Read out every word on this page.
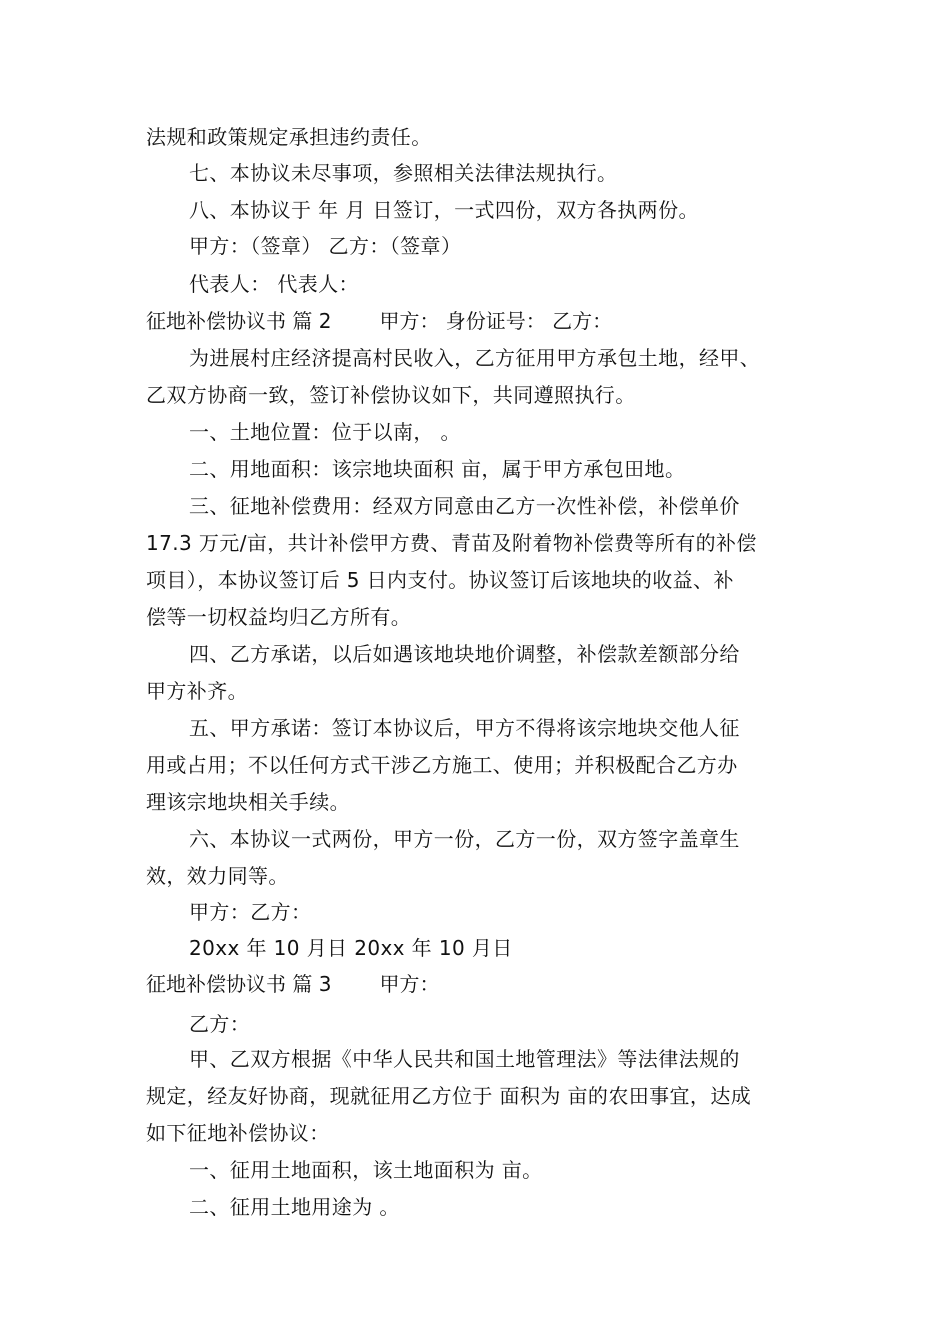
法规和政策规定承担违约责任。
七、本协议未尽事项，参照相关法律法规执行。
八、本协议于 年 月 日签订，一式四份，双方各执两份。
甲方：（签章） 乙方：（签章）
代表人： 代表人：
征地补偿协议书 篇 2 甲方： 身份证号： 乙方：
为进展村庄经济提高村民收入，乙方征用甲方承包土地，经甲、
乙双方协商一致，签订补偿协议如下，共同遵照执行。
一、土地位置：位于以南， 。
二、用地面积：该宗地块面积 亩，属于甲方承包田地。
三、征地补偿费用：经双方同意由乙方一次性补偿，补偿单价
17.3 万元/亩，共计补偿甲方费、青苗及附着物补偿费等所有的补偿
项目），本协议签订后 5 日内支付。协议签订后该地块的收益、补
偿等一切权益均归乙方所有。
四、乙方承诺，以后如遇该地块地价调整，补偿款差额部分给
甲方补齐。
五、甲方承诺：签订本协议后，甲方不得将该宗地块交他人征
用或占用；不以任何方式干涉乙方施工、使用；并积极配合乙方办
理该宗地块相关手续。
六、本协议一式两份，甲方一份，乙方一份，双方签字盖章生
效，效力同等。
甲方：乙方：
20xx 年 10 月日 20xx 年 10 月日
征地补偿协议书 篇 3 甲方：
乙方：
甲、乙双方根据《中华人民共和国土地管理法》等法律法规的
规定，经友好协商，现就征用乙方位于 面积为 亩的农田事宜，达成
如下征地补偿协议：
一、征用土地面积，该土地面积为 亩。
二、征用土地用途为 。
